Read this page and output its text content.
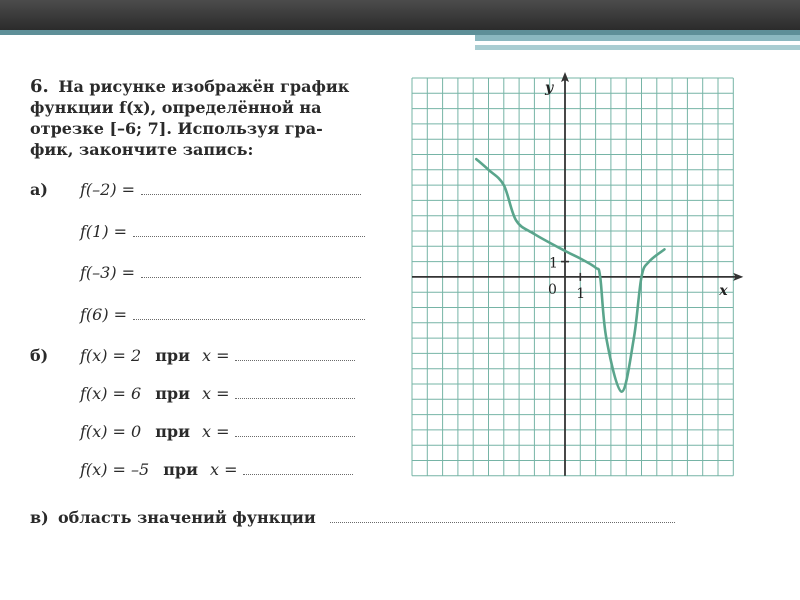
6. На рисунке изображён график
функции f(x), определённой на
отрезке [–6; 7]. Используя гра-
фик, закончите запись:
а)	f(–2) =
f(1) =
f(–3) =
f(6) =
б)	f(x) = 2 при x =
f(x) = 6 при x =
f(x) = 0 при x =
f(x) = –5 при x =
в) область значений функции
y
x
0 1
1
